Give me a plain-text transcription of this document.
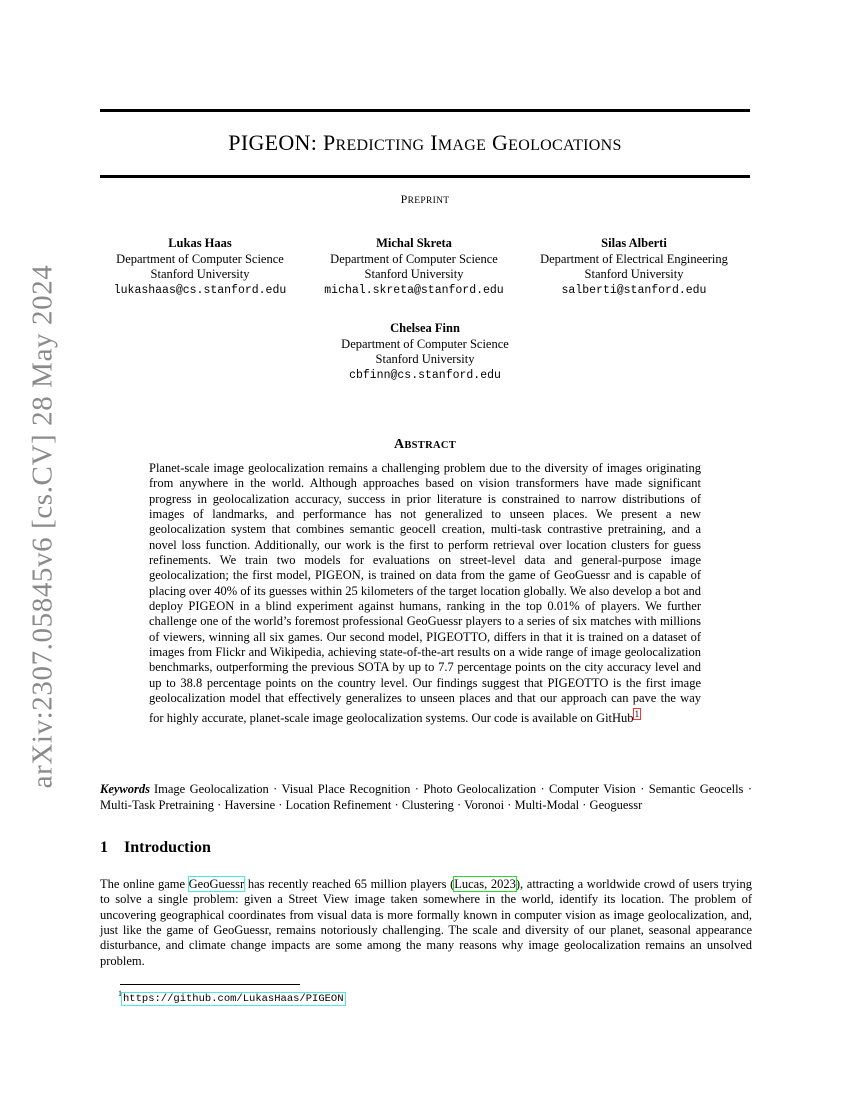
arXiv:2307.05845v6 [cs.CV] 28 May 2024
PIGEON: PREDICTING IMAGE GEOLOCATIONS
PREPRINT
Lukas Haas
Department of Computer Science
Stanford University
lukashaas@cs.stanford.edu
Michal Skreta
Department of Computer Science
Stanford University
michal.skreta@stanford.edu
Silas Alberti
Department of Electrical Engineering
Stanford University
salberti@stanford.edu
Chelsea Finn
Department of Computer Science
Stanford University
cbfinn@cs.stanford.edu
ABSTRACT
Planet-scale image geolocalization remains a challenging problem due to the diversity of images originating from anywhere in the world. Although approaches based on vision transformers have made significant progress in geolocalization accuracy, success in prior literature is constrained to narrow distributions of images of landmarks, and performance has not generalized to unseen places. We present a new geolocalization system that combines semantic geocell creation, multi-task contrastive pretraining, and a novel loss function. Additionally, our work is the first to perform retrieval over location clusters for guess refinements. We train two models for evaluations on street-level data and general-purpose image geolocalization; the first model, PIGEON, is trained on data from the game of GeoGuessr and is capable of placing over 40% of its guesses within 25 kilometers of the target location globally. We also develop a bot and deploy PIGEON in a blind experiment against humans, ranking in the top 0.01% of players. We further challenge one of the world’s foremost professional GeoGuessr players to a series of six matches with millions of viewers, winning all six games. Our second model, PIGEOTTO, differs in that it is trained on a dataset of images from Flickr and Wikipedia, achieving state-of-the-art results on a wide range of image geolocalization benchmarks, outperforming the previous SOTA by up to 7.7 percentage points on the city accuracy level and up to 38.8 percentage points on the country level. Our findings suggest that PIGEOTTO is the first image geolocalization model that effectively generalizes to unseen places and that our approach can pave the way for highly accurate, planet-scale image geolocalization systems. Our code is available on GitHub$^1$
Keywords Image Geolocalization · Visual Place Recognition · Photo Geolocalization · Computer Vision · Semantic Geocells · Multi-Task Pretraining · Haversine · Location Refinement · Clustering · Voronoi · Multi-Modal · Geoguessr
1 Introduction
The online game GeoGuessr has recently reached 65 million players (Lucas, 2023), attracting a worldwide crowd of users trying to solve a single problem: given a Street View image taken somewhere in the world, identify its location. The problem of uncovering geographical coordinates from visual data is more formally known in computer vision as image geolocalization, and, just like the game of GeoGuessr, remains notoriously challenging. The scale and diversity of our planet, seasonal appearance disturbance, and climate change impacts are some among the many reasons why image geolocalization remains an unsolved problem.
$^1$https://github.com/LukasHaas/PIGEON
